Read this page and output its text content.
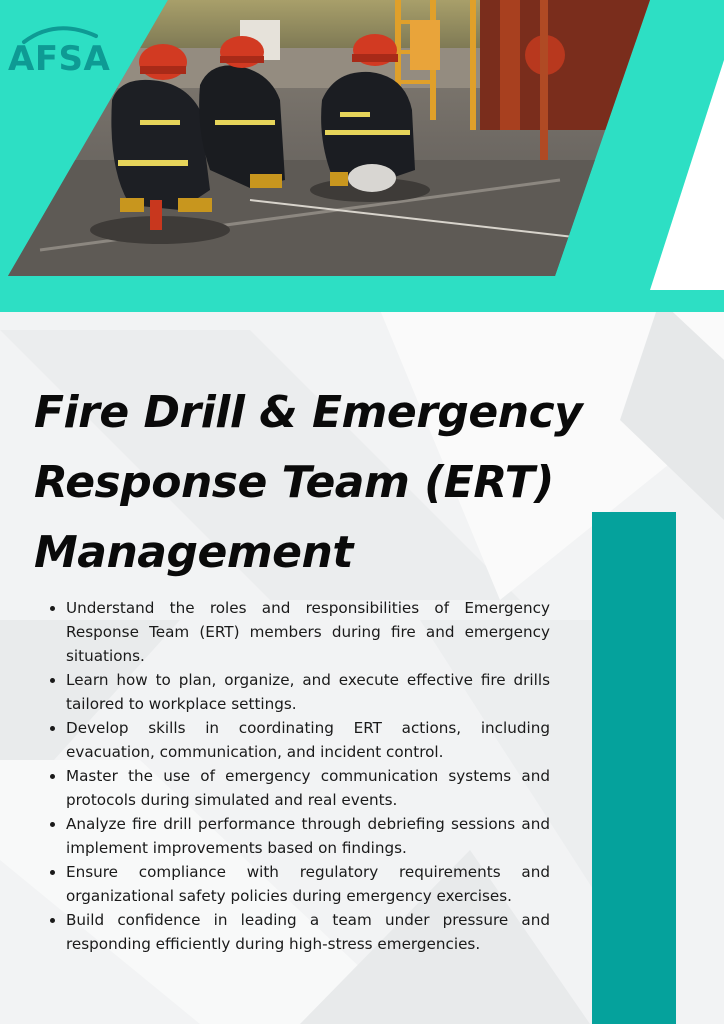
AFSA
Fire Drill & Emergency
Response Team (ERT)
Management
• Understand the roles and responsibilities of Emergency Response Team (ERT) members during fire and emergency situations.
• Learn how to plan, organize, and execute effective fire drills tailored to workplace settings.
• Develop skills in coordinating ERT actions, including evacuation, communication, and incident control.
• Master the use of emergency communication systems and protocols during simulated and real events.
• Analyze fire drill performance through debriefing sessions and implement improvements based on findings.
• Ensure compliance with regulatory requirements and organizational safety policies during emergency exercises.
• Build confidence in leading a team under pressure and responding efficiently during high-stress emergencies.
